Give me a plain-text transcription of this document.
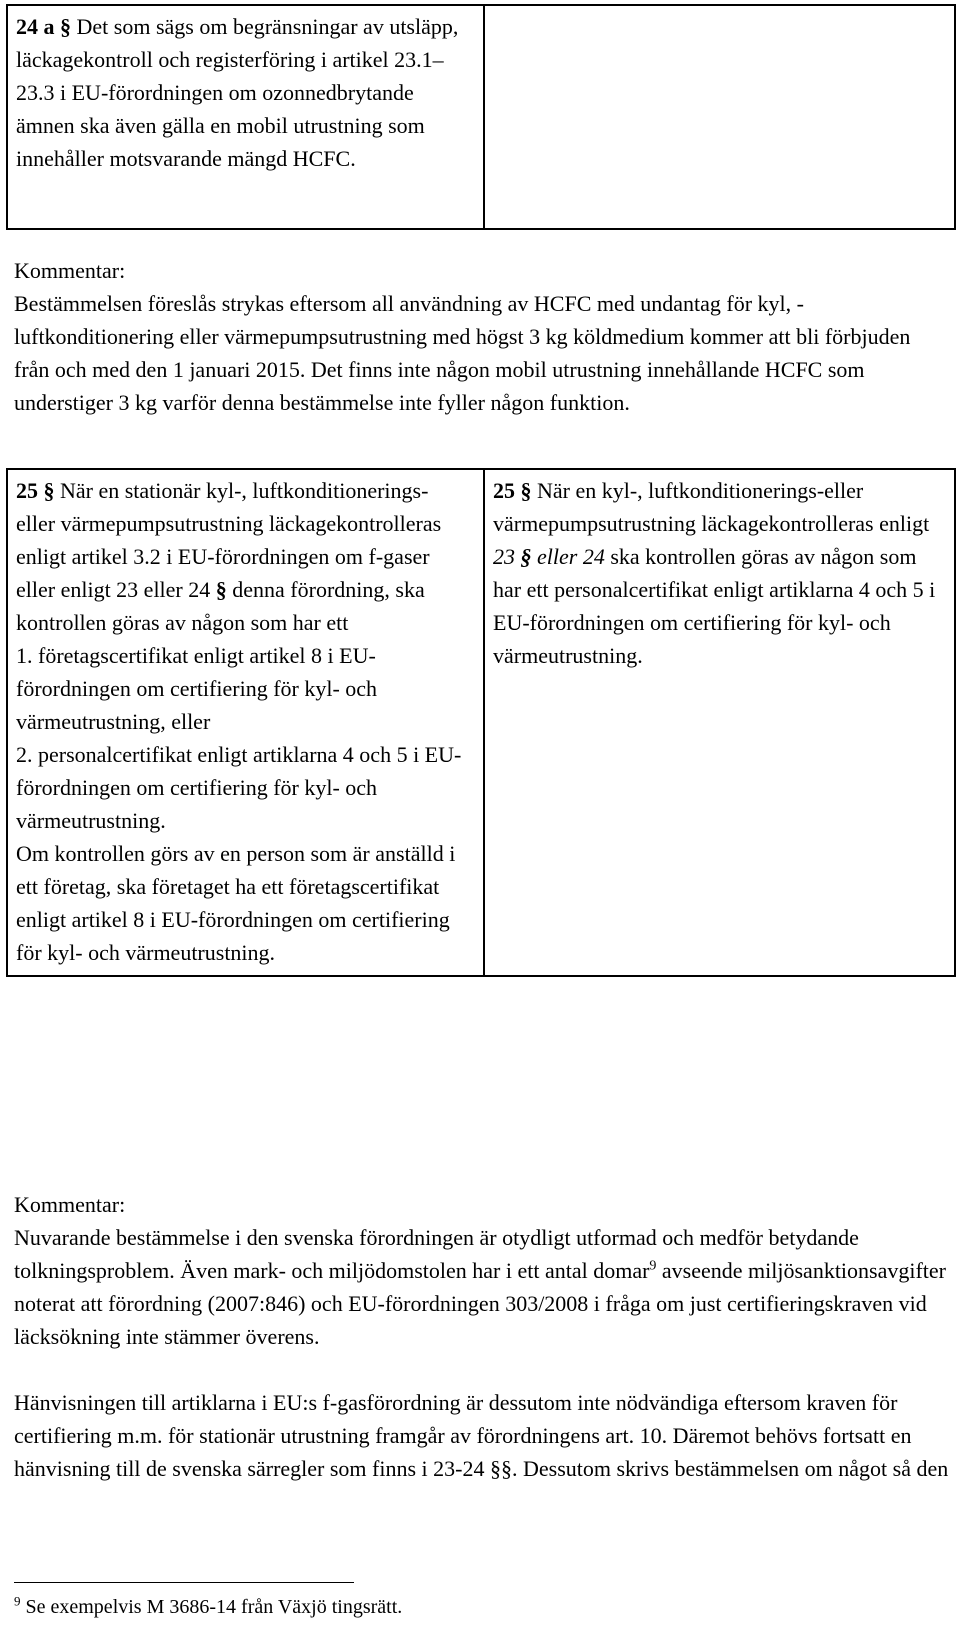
24 a § Det som sägs om begränsningar av utsläpp, läckagekontroll och registerföring i artikel 23.1–23.3 i EU-förordningen om ozonnedbrytande ämnen ska även gälla en mobil utrustning som innehåller motsvarande mängd HCFC.	

Kommentar:

Bestämmelsen föreslås strykas eftersom all användning av HCFC med undantag för kyl, - luftkonditionering eller värmepumpsutrustning med högst 3 kg köldmedium kommer att bli förbjuden från och med den 1 januari 2015. Det finns inte någon mobil utrustning innehållande HCFC som understiger 3 kg varför denna bestämmelse inte fyller någon funktion.

25 § När en stationär kyl-, luftkonditionerings- eller värmepumpsutrustning läckagekontrolleras enligt artikel 3.2 i EU-förordningen om f-gaser eller enligt 23 eller 24 § denna förordning, ska kontrollen göras av någon som har ett
1. företagscertifikat enligt artikel 8 i EU-förordningen om certifiering för kyl- och värmeutrustning, eller
2. personalcertifikat enligt artiklarna 4 och 5 i EU-förordningen om certifiering för kyl- och värmeutrustning.
Om kontrollen görs av en person som är anställd i ett företag, ska företaget ha ett företagscertifikat enligt artikel 8 i EU-förordningen om certifiering för kyl- och värmeutrustning.
	25 § När en kyl-, luftkonditionerings-eller värmepumpsutrustning läckagekontrolleras enligt 23 § eller 24 ska kontrollen göras av någon som har ett personalcertifikat enligt artiklarna 4 och 5 i EU-förordningen om certifiering för kyl- och värmeutrustning.

Kommentar:

Nuvarande bestämmelse i den svenska förordningen är otydligt utformad och medför betydande tolkningsproblem. Även mark- och miljödomstolen har i ett antal domar$^9$ avseende miljösanktionsavgifter noterat att förordning (2007:846) och EU-förordningen 303/2008 i fråga om just certifieringskraven vid läcksökning inte stämmer överens.

Hänvisningen till artiklarna i EU:s f-gasförordning är dessutom inte nödvändiga eftersom kraven för certifiering m.m. för stationär utrustning framgår av förordningens art. 10. Däremot behövs fortsatt en hänvisning till de svenska särregler som finns i 23-24 §§. Dessutom skrivs bestämmelsen om något så den

$^9$ Se exempelvis M 3686-14 från Växjö tingsrätt.
